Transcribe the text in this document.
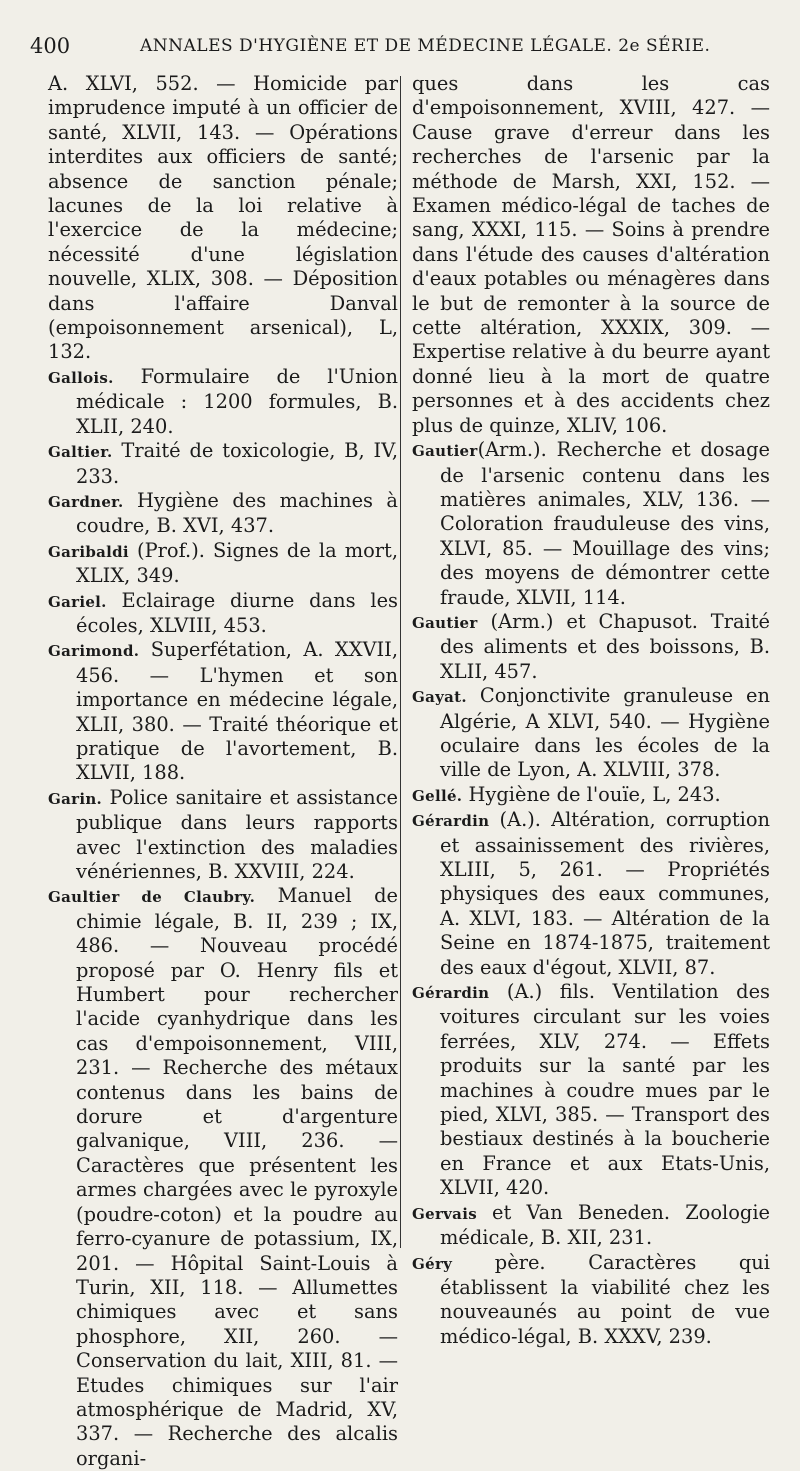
400	ANNALES D'HYGIÈNE ET DE MÉDECINE LÉGALE. 2e SÉRIE.

A. XLVI, 552. — Homicide par imprudence imputé à un officier de santé, XLVII, 143. — Opérations interdites aux officiers de santé; absence de sanction pénale; lacunes de la loi relative à l'exercice de la médecine; nécessité d'une législation nouvelle, XLIX, 308. — Déposition dans l'affaire Danval (empoisonnement arsenical), L, 132.

Gallois. Formulaire de l'Union médicale : 1200 formules, B. XLII, 240.

Galtier. Traité de toxicologie, B, IV, 233.

Gardner. Hygiène des machines à coudre, B. XVI, 437.

Garibaldi (Prof.). Signes de la mort, XLIX, 349.

Gariel. Eclairage diurne dans les écoles, XLVIII, 453.

Garimond. Superfétation, A. XXVII, 456. — L'hymen et son importance en médecine légale, XLII, 380. — Traité théorique et pratique de l'avortement, B. XLVII, 188.

Garin. Police sanitaire et assistance publique dans leurs rapports avec l'extinction des maladies vénériennes, B. XXVIII, 224.

Gaultier de Claubry. Manuel de chimie légale, B. II, 239 ; IX, 486. — Nouveau procédé proposé par O. Henry fils et Humbert pour rechercher l'acide cyanhydrique dans les cas d'empoisonnement, VIII, 231. — Recherche des métaux contenus dans les bains de dorure et d'argenture galvanique, VIII, 236. — Caractères que présentent les armes chargées avec le pyroxyle (poudre-coton) et la poudre au ferro-cyanure de potassium, IX, 201. — Hôpital Saint-Louis à Turin, XII, 118. — Allumettes chimiques avec et sans phosphore, XII, 260. — Conservation du lait, XIII, 81. — Etudes chimiques sur l'air atmosphérique de Madrid, XV, 337. — Recherche des alcalis organi-

ques dans les cas d'empoisonnement, XVIII, 427. — Cause grave d'erreur dans les recherches de l'arsenic par la méthode de Marsh, XXI, 152. — Examen médico-légal de taches de sang, XXXI, 115. — Soins à prendre dans l'étude des causes d'altération d'eaux potables ou ménagères dans le but de remonter à la source de cette altération, XXXIX, 309. — Expertise relative à du beurre ayant donné lieu à la mort de quatre personnes et à des accidents chez plus de quinze, XLIV, 106.

Gautier(Arm.). Recherche et dosage de l'arsenic contenu dans les matières animales, XLV, 136. — Coloration frauduleuse des vins, XLVI, 85. — Mouillage des vins; des moyens de démontrer cette fraude, XLVII, 114.

Gautier (Arm.) et Chapusot. Traité des aliments et des boissons, B. XLII, 457.

Gayat. Conjonctivite granuleuse en Algérie, A XLVI, 540. — Hygiène oculaire dans les écoles de la ville de Lyon, A. XLVIII, 378.

Gellé. Hygiène de l'ouïe, L, 243.

Gérardin (A.). Altération, corruption et assainissement des rivières, XLIII, 5, 261. — Propriétés physiques des eaux communes, A. XLVI, 183. — Altération de la Seine en 1874-1875, traitement des eaux d'égout, XLVII, 87.

Gérardin (A.) fils. Ventilation des voitures circulant sur les voies ferrées, XLV, 274. — Effets produits sur la santé par les machines à coudre mues par le pied, XLVI, 385. — Transport des bestiaux destinés à la boucherie en France et aux Etats-Unis, XLVII, 420.

Gervais et Van Beneden. Zoologie médicale, B. XII, 231.

Géry père. Caractères qui établissent la viabilité chez les nouveaunés au point de vue médico-légal, B. XXXV, 239.
